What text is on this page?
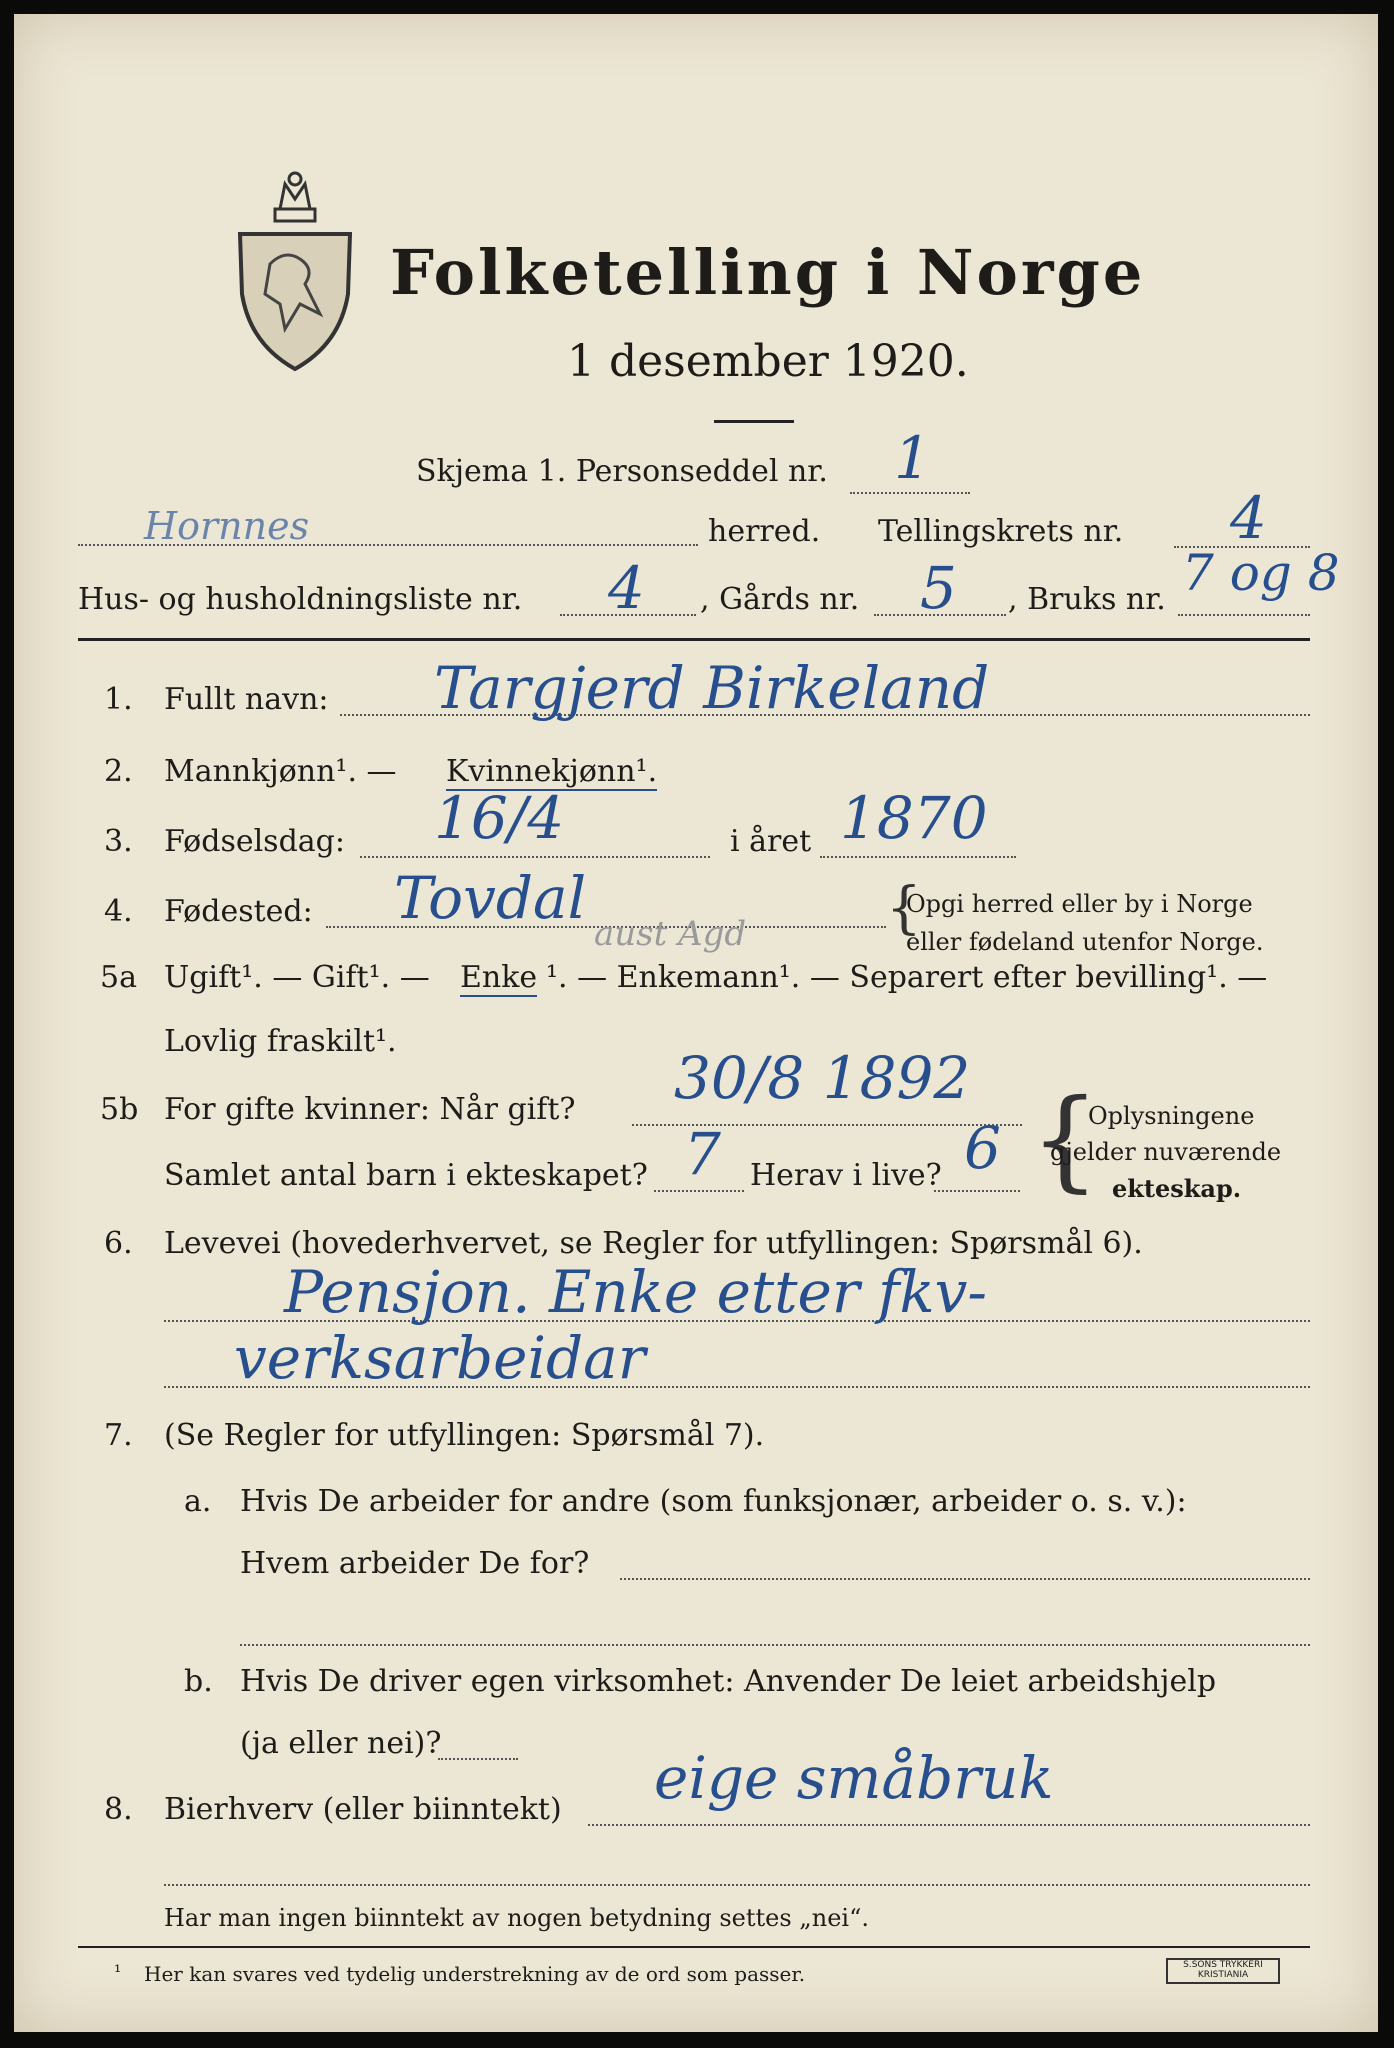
Folketelling i Norge
1 desember 1920.
Skjema 1. Personseddel nr. 1
Hornnes	herred. Tellingskrets nr. 4
Hus- og husholdningsliste nr. 4 , Gårds nr. 5 , Bruks nr. 7 og 8
1. Fullt navn: Targjerd Birkeland
2. Mannkjønn¹. — Kvinnekjønn¹.
3. Fødselsdag: 16/4	i året 1870
4. Fødested: Tovdal	{
Opgi herred eller by i Norge
eller fødeland utenfor Norge.
5a Ugift¹. — Gift¹. — Enke ¹. — Enkemann¹. — Separert efter bevilling¹. —
aust Agd
Lovlig fraskilt¹.
5b For gifte kvinner: Når gift? 30/8 1892
Samlet antal barn i ekteskapet? 7 Herav i live? 6 {
Oplysningene
gjelder nuværende
ekteskap.
6. Levevei (hovederhvervet, se Regler for utfyllingen: Spørsmål 6).
Pensjon. Enke etter fkv-
verksarbeidar
7. (Se Regler for utfyllingen: Spørsmål 7).
a. Hvis De arbeider for andre (som funksjonær, arbeider o. s. v.):
Hvem arbeider De for?
b. Hvis De driver egen virksomhet: Anvender De leiet arbeidshjelp
(ja eller nei)?
8. Bierhverv (eller biinntekt) eige småbruk
Har man ingen biinntekt av nogen betydning settes „nei“.
¹ Her kan svares ved tydelig understrekning av de ord som passer.	S.SONS TRYKKERI KRISTIANIA
